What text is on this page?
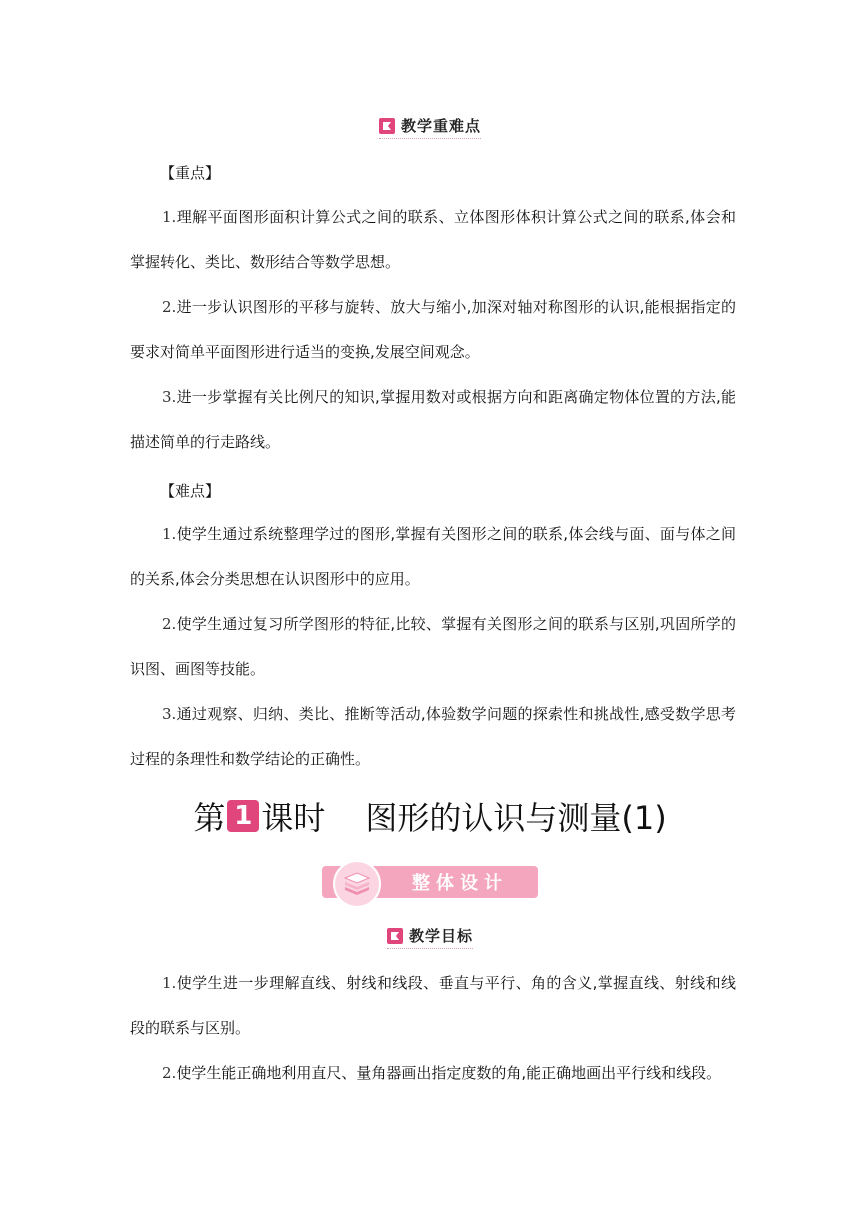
教学重难点
【重点】

1.理解平面图形面积计算公式之间的联系、立体图形体积计算公式之间的联系,体会和掌握转化、类比、数形结合等数学思想。

2.进一步认识图形的平移与旋转、放大与缩小,加深对轴对称图形的认识,能根据指定的要求对简单平面图形进行适当的变换,发展空间观念。

3.进一步掌握有关比例尺的知识,掌握用数对或根据方向和距离确定物体位置的方法,能描述简单的行走路线。

【难点】

1.使学生通过系统整理学过的图形,掌握有关图形之间的联系,体会线与面、面与体之间的关系,体会分类思想在认识图形中的应用。

2.使学生通过复习所学图形的特征,比较、掌握有关图形之间的联系与区别,巩固所学的识图、画图等技能。

3.通过观察、归纳、类比、推断等活动,体验数学问题的探索性和挑战性,感受数学思考过程的条理性和数学结论的正确性。

第 1 课时 图形的认识与测量(1)
整体设计
教学目标

1.使学生进一步理解直线、射线和线段、垂直与平行、角的含义,掌握直线、射线和线段的联系与区别。

2.使学生能正确地利用直尺、量角器画出指定度数的角,能正确地画出平行线和线段。
